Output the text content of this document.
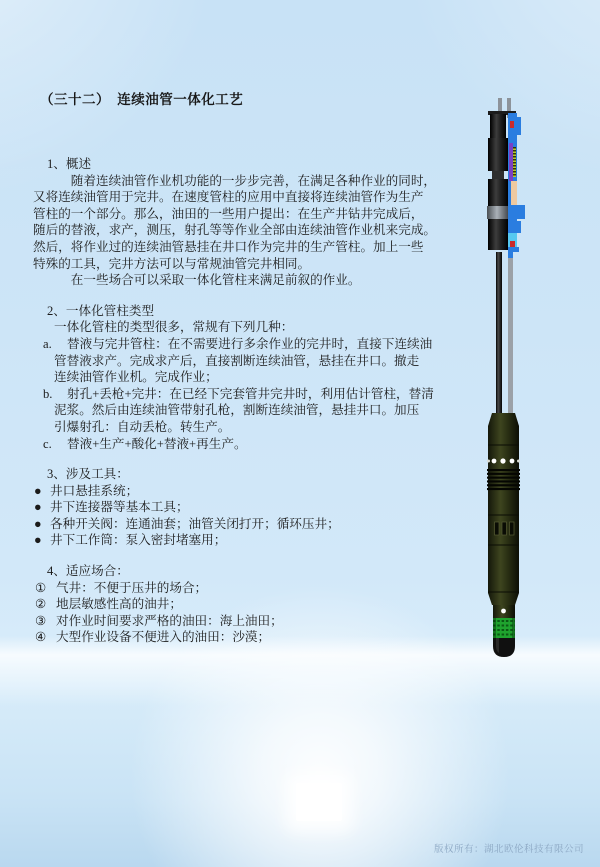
（三十二）　连续油管一体化工艺
1、概述
　　　随着连续油管作业机功能的一步步完善，在满足各种作业的同时，
又将连续油管用于完井。在速度管柱的应用中直接将连续油管作为生产
管柱的一个部分。那么，油田的一些用户提出：在生产井钻井完成后，
随后的替液，求产，测压，射孔等等作业全部由连续油管作业机来完成。
然后，将作业过的连续油管悬挂在井口作为完井的生产管柱。加上一些
特殊的工具，完井方法可以与常规油管完井相同。
　　　在一些场合可以采取一体化管柱来满足前叙的作业。
2、一体化管柱类型
一体化管柱的类型很多，常规有下列几种：
a.	替液与完井管柱：在不需要进行多余作业的完井时，直接下连续油
管替液求产。完成求产后，直接割断连续油管，悬挂在井口。撤走
连续油管作业机。完成作业；
b.	射孔+丢枪+完井：在已经下完套管井完井时，利用估计管柱，替清
泥浆。然后由连续油管带射孔枪，割断连续油管，悬挂井口。加压
引爆射孔：自动丢枪。转生产。
c.	替液+生产+酸化+替液+再生产。
3、涉及工具：
● 井口悬挂系统；
● 井下连接器等基本工具；
● 各种开关阀：连通油套；油管关闭打开；循环压井；
● 井下工作筒：泵入密封堵塞用；
4、适应场合：
① 气井：不便于压井的场合；
② 地层敏感性高的油井；
③ 对作业时间要求严格的油田：海上油田；
④ 大型作业设备不便进入的油田：沙漠；
版权所有：湖北欧伦科技有限公司
